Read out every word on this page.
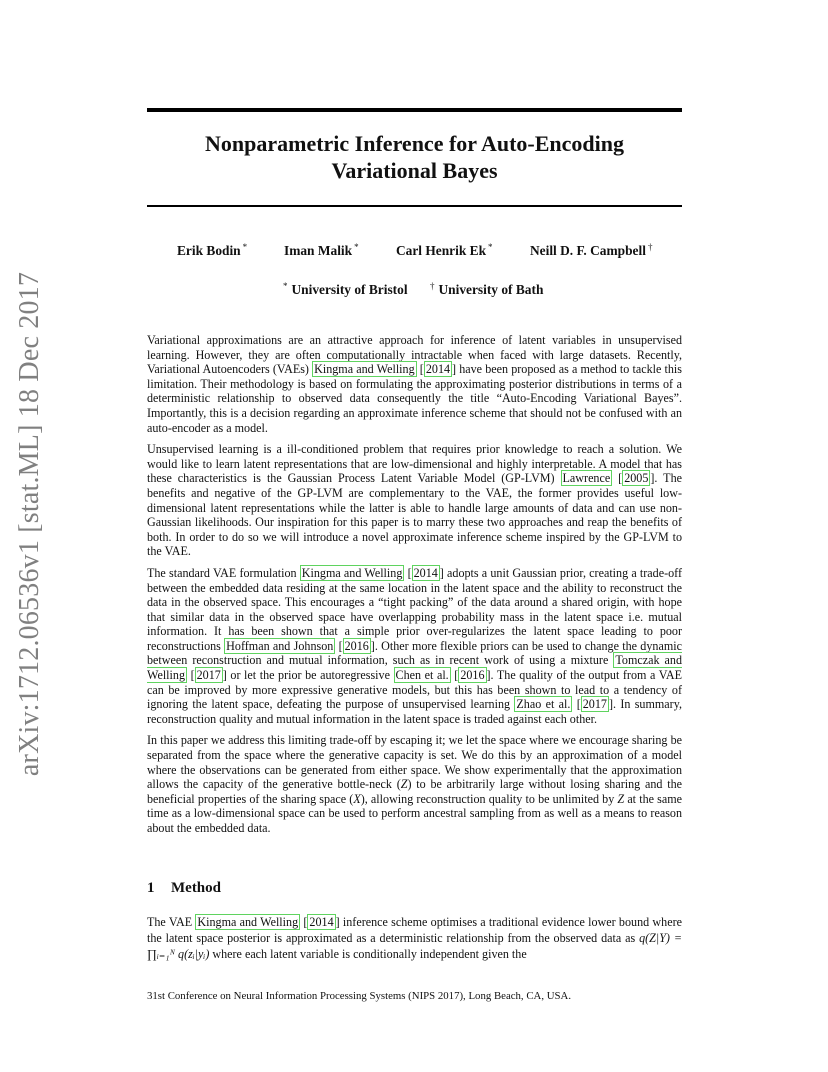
arXiv:1712.06536v1 [stat.ML] 18 Dec 2017
Nonparametric Inference for Auto-Encoding
Variational Bayes
Erik Bodin *	Iman Malik *	Carl Henrik Ek *	Neill D. F. Campbell †
* University of Bristol † University of Bath

Variational approximations are an attractive approach for inference of latent variables in unsupervised learning. However, they are often computationally intractable when faced with large datasets. Recently, Variational Autoencoders (VAEs) Kingma and Welling [ 2014 ] have been proposed as a method to tackle this limitation. Their methodology is based on formulating the approximating posterior distributions in terms of a deterministic relationship to observed data consequently the title “Auto-Encoding Variational Bayes”. Importantly, this is a decision regarding an approximate inference scheme that should not be confused with an auto-encoder as a model.

Unsupervised learning is a ill-conditioned problem that requires prior knowledge to reach a solution. We would like to learn latent representations that are low-dimensional and highly interpretable. A model that has these characteristics is the Gaussian Process Latent Variable Model (GP-LVM) Lawrence [ 2005 ]. The benefits and negative of the GP-LVM are complementary to the VAE, the former provides useful low-dimensional latent representations while the latter is able to handle large amounts of data and can use non-Gaussian likelihoods. Our inspiration for this paper is to marry these two approaches and reap the benefits of both. In order to do so we will introduce a novel approximate inference scheme inspired by the GP-LVM to the VAE.

The standard VAE formulation Kingma and Welling [ 2014 ] adopts a unit Gaussian prior, creating a trade-off between the embedded data residing at the same location in the latent space and the ability to reconstruct the data in the observed space. This encourages a “tight packing” of the data around a shared origin, with hope that similar data in the observed space have overlapping probability mass in the latent space i.e. mutual information. It has been shown that a simple prior over-regularizes the latent space leading to poor reconstructions Hoffman and Johnson [ 2016 ]. Other more flexible priors can be used to change the dynamic between reconstruction and mutual information, such as in recent work of using a mixture Tomczak and Welling [ 2017 ] or let the prior be autoregressive Chen et al. [ 2016 ]. The quality of the output from a VAE can be improved by more expressive generative models, but this has been shown to lead to a tendency of ignoring the latent space, defeating the purpose of unsupervised learning Zhao et al. [ 2017 ]. In summary, reconstruction quality and mutual information in the latent space is traded against each other.

In this paper we address this limiting trade-off by escaping it; we let the space where we encourage sharing be separated from the space where the generative capacity is set. We do this by an approximation of a model where the observations can be generated from either space. We show experimentally that the approximation allows the capacity of the generative bottle-neck (Z) to be arbitrarily large without losing sharing and the beneficial properties of the sharing space (X), allowing reconstruction quality to be unlimited by Z at the same time as a low-dimensional space can be used to perform ancestral sampling from as well as a means to reason about the embedded data.

1 Method

The VAE Kingma and Welling [ 2014 ] inference scheme optimises a traditional evidence lower bound where the latent space posterior is approximated as a deterministic relationship from the observed data as q(Z|Y) = ∏ᵢ₌₁ᴺ q(zᵢ|yᵢ) where each latent variable is conditionally independent given the

31st Conference on Neural Information Processing Systems (NIPS 2017), Long Beach, CA, USA.
